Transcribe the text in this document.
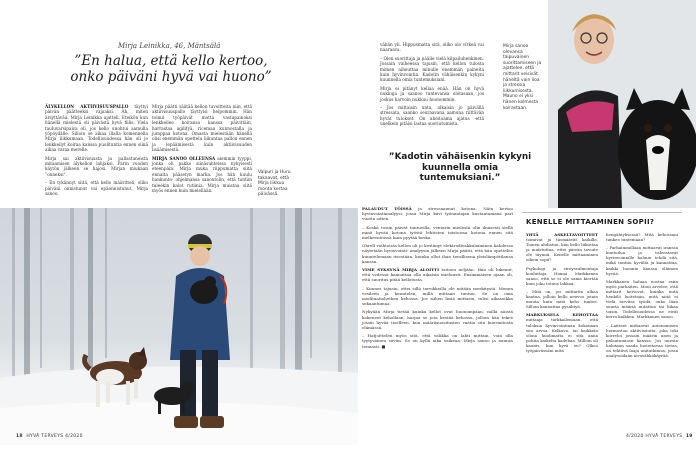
Mirja Leinikka, 46, Mäntsälä
”En halua, että kello kertoo, onko päiväni hyvä vai huono”

ÄLYKELLON AKTIIVISUUSPALLO täyttyi päivän päätteeksi vajaaksi. Äh, miten ärsyttävää. Mirja Leinikka ajatteli. Eteikön kun hänellä mielestä oli päivästä hyvä fiilis. Viela tauluvarsipaiva oli, jos kello unohtui aamulla yöpöydälle. Silloin se aikaa illalla komennella Mirja liikkumaan. Todellisuudessa hän oli jo lenkkeilyt koiraa kanssa puolituntia ennen siinä aikaa varaa merelle.

Mirja sai aktiivisuusta ja pallastuneista mitaamisen älykellon lahjaksi. Parin vuoden käytön jälkeen se hajosi. Mirjan miukaan ”onneksi”.

– En tykännyt siitä, että kello määritteli, oliko päiväni onnistunut vai epäonnistunut, Mirja sanoo.

Mirja päätti säätää kellon tavoitteita niin, että aktiivisuuspallo täyttyisi helpommin. Hän toimii työpäivät motta vastapainoksi lenkkeilee koiransa kanssa päivittäin, harrastaa agilityä, ricemaa kunnostalla ja jumppaa kotona. Omasta mielestään hänellä olisi enemmän opettelu liikuntaa pallon ennen ja lepäämisestä kuin aktiivisuuden lisäämisestä.

MIRJA SANOO OLLEENSA aiemmin tyyppi, jonka oli pakko siinäsuhteissa nykyisesti eteenpäin. Mirja muka riippumatta siitä ennalta pääsetyn marka. Jos hän kuulu hankunto- ohjelmansa sanontolin, että tuntiin tuleekin kalat rutiinia. Mirja muistaa siitä myös ennen kuin mielellään.

Valpuri ja Huru takaavat, että Mirja liikkuu monta kertaa päivässä.

vähän yli. Hippusmatta sitä, oliko olo virkeä vai naaraava.

– Olen suorittaja ja pääile vielä kilpailuhenkinen. Jossain vaiheessa tajusin, että kellon tulosta mimen aiheuttaa minulle enemmän paineita kuin hyvinvointia. Kadotin vähäisenkin kykyni kuunnella omia tuntemuksiani.

Mirja ei pitänyt kellaa enää. Hän on hyvä nukkuja ja saanoo tuntevansa olotasaan, jos joskus harvoin nukkuu huonommin.

– Jos mittaisin unta, alkaisin jo päivällä stressata, saanko seuraavana aamuna riittävän hyvät tulokset. On aheitoama ajatus -että unelkein pitäisi lastaa suoriutumista.

Mirja sanoo olevansa taipuvainen suorittamiseen ja ajattelee, että mittarit veisivät häneltä vain iloa ja stressia liikkumisesta. Mauno ei yksi hänen kolmesta koirastaan.
”Kadotin vähäisenkin kykyni kuunnella omia tuntemuksiani.”

PALAUDUT TÖISSÄ ja stressaannut kotona. Näin kertoo hyvinvointianalyysi, jossa Mirja kävi työnantajan kustantamana pari vuotta sitten.

– Koska tosiin päivät tuntuvilla, ventarin mielestä olin ikuisesti siellä minä hyvää kotona työstä lehtisten toistoissa kotona ennen sitä melkeentöissä kuin pyytää koska.

Ohrell vaihtoista kellon oli jo kestänyt elektrodivakkulaiminen kahdessa näytetään hyvinvointi- analyysin jälkeen Mirja päätti, että hän opettelee kuuntelemaan itsestään, kuinka ollut ihan tavallisena yleislämpötilansa kanssa.

VIME SYKSYNÄ MIRJA ALOITTI taitoon neljään. Hän oli lukenut, että vedessä kannattaa olla aikaisin mieluusti. Ensimmäisen ajaan oli, että suoritus pitää kellotusta.

– Kunnes tajusin, ettei sillä tarvikkeilla ole mitään merkitystä. Menen vesileen ja kuuntelen, millä mittaan tuntuu. Se on oma meditaatiohetken kehossa. Jos siihen lisää mittarin, tulisi aikaseikka sekaantumaa.

Nykyään Mirja tietää kuinka kellot ovat huonompaan, millä näistä kokeneet kehollaan, harjaa se jota kestää kehossa, jolloin hän tekee jotain hyvää itselleen, kun määräsuositusten vaatia sitä kuormitusta elämässä.

– Hatjoittelen myös sitä, että valikka on lahti mittain, voin olla tyytyväinen siiviin. Se on kyllä aika vaikeaa, Mirja sanoo ja nauraa tennasti. ■

KENELLE MITTAAMINEN SOPII?

YHTÄ ASKELTAVOITTEET toimivat ja täsmäävät kaikille. Toinen ahdistuu, kun kello liikuttaa ja muistuttaa, ettei päivän tavoite ole täynnä. Kenelle mittaaminen oikein sopii?

Psykologi ja vireysvalmentaja kouluttaja Hanna Markkanen sanoo, että se ei ole sama kiertää kuin joku totuus lakkaa.

– Mitä on, jos mittariin alkaa kaatua, jolloin kello neuvoo jotain muuta kuin mitä keho tuntee. Silloin kannattaa pysähtyä.

MARKUKSELA KEHOTTAA mittaaja tarkkailemaan, että tuloksia hyvinvointiaan kokonaan sen arvoa. Kelkuva, tai kaikkein olona huolimatta ei sitä anna pohtia kaikelta kadehaa. Milloin oli kaunis, kun hyvä on? Olkoo työpäivässäni mitä

hengähtyksessä? Mitä kehossani tunkee tuntemaan?

– Parhaimmillaan mittaavat iranssa kuntoilua ja vahvistavat hyvinvoinnille haluun tehdä sitä, mikä tuntuu hyvältä ja kannattaa, kaikki luonnin kanssa eläimen hyvää.

Markkanen haluaa nostaa esiin myös parhaiten. Moni arvelee, että mittarit kertovat, kuinka mitä henkilö luotetaan, mitä niitä ei vielä tarvitse syödä, onko liian suuria määriä mitattua tai liikaa toisin. Todellisuudessa ne eivät kerro kaikkea. Markkanen sanoo.

– Laitteet mittaavat autonomisen hermoston aktiivisuutta, joka toki korreloi jossain määrin unen ja palautumisen kanssa. Jos unesta halutaan saada luotettavaa tietoa, on tehtävä laaja unitutkimus, jossa analysoidaan aivosähkökäyrää.

18 HYVÄ TERVEYS 4/2020	4/2020 HYVÄ TERVEYS 19
